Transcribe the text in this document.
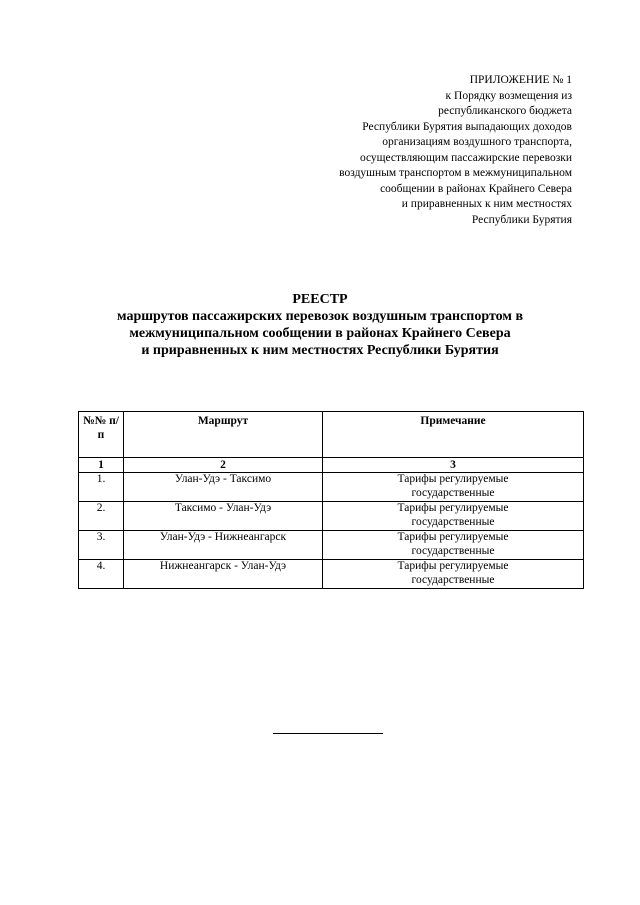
ПРИЛОЖЕНИЕ № 1
к Порядку возмещения из
республиканского бюджета
Республики Бурятия выпадающих доходов
организациям воздушного транспорта,
осуществляющим пассажирские перевозки
воздушным транспортом в межмуниципальном
сообщении в районах Крайнего Севера
и приравненных к ним местностях
Республики Бурятия
РЕЕСТР
маршрутов пассажирских перевозок воздушным транспортом в
межмуниципальном сообщении в районах Крайнего Севера
и приравненных к ним местностях Республики Бурятия
№№ п/п	Маршрут	Примечание
1	2	3
1.	Улан-Удэ - Таксимо	Тарифы регулируемые государственные
2.	Таксимо - Улан-Удэ	Тарифы регулируемые государственные
3.	Улан-Удэ - Нижнеангарск	Тарифы регулируемые государственные
4.	Нижнеангарск - Улан-Удэ	Тарифы регулируемые государственные
